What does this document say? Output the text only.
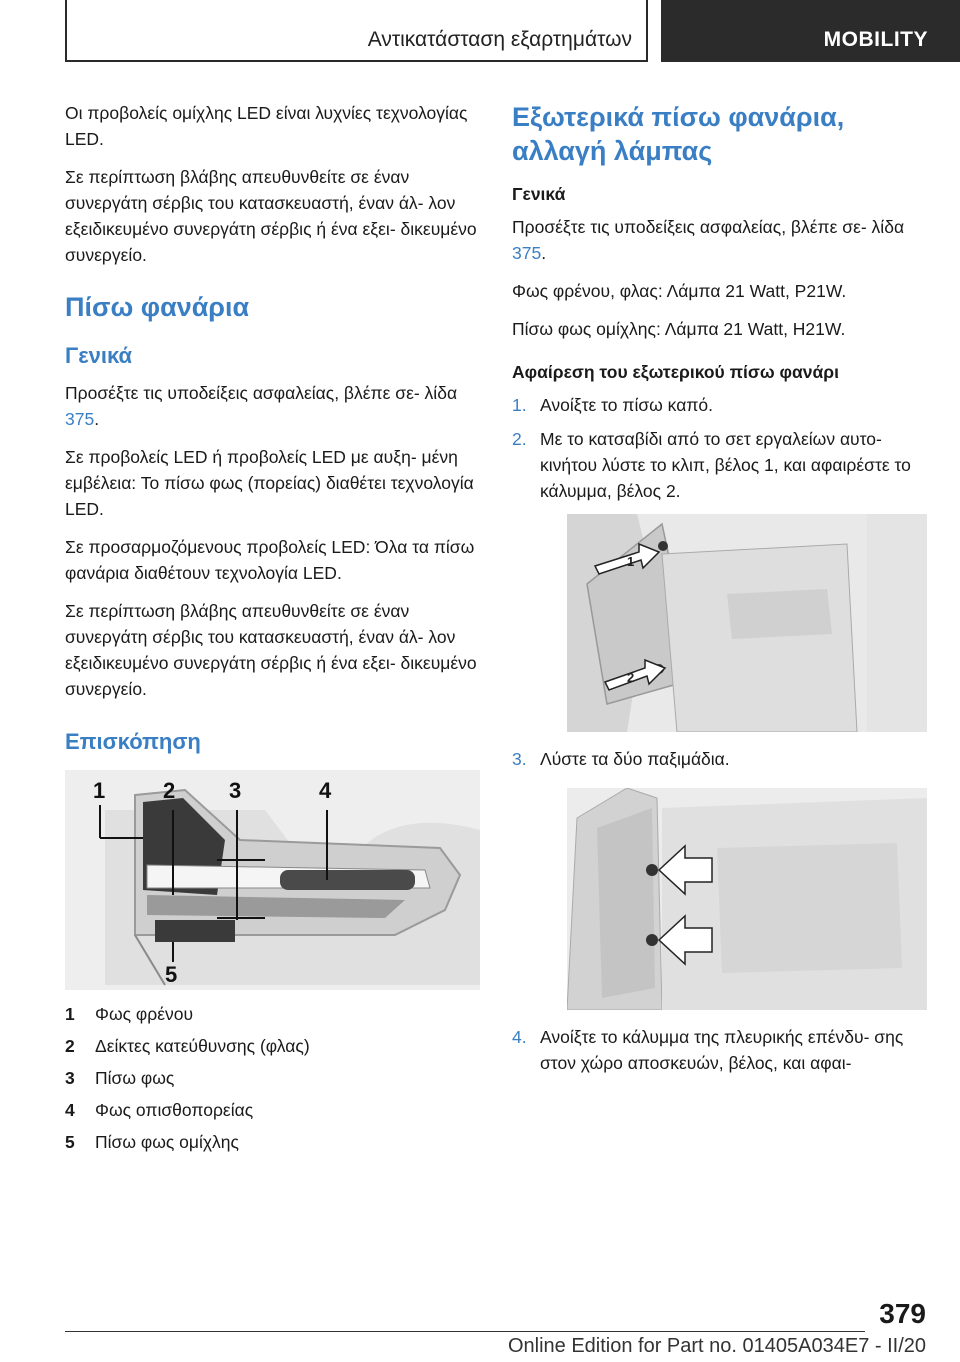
Αντικατάσταση εξαρτημάτων	MOBILITY

Οι προβολείς ομίχλης LED είναι λυχνίες τεχνολογίας LED.

Σε περίπτωση βλάβης απευθυνθείτε σε έναν συνεργάτη σέρβις του κατασκευαστή, έναν άλ- λον εξειδικευμένο συνεργάτη σέρβις ή ένα εξει- δικευμένο συνεργείο.

Πίσω φανάρια
Γενικά

Προσέξτε τις υποδείξεις ασφαλείας, βλέπε σε- λίδα 375.

Σε προβολείς LED ή προβολείς LED με αυξη- μένη εμβέλεια: Το πίσω φως (πορείας) διαθέτει τεχνολογία LED.

Σε προσαρμοζόμενους προβολείς LED: Όλα τα πίσω φανάρια διαθέτουν τεχνολογία LED.

Σε περίπτωση βλάβης απευθυνθείτε σε έναν συνεργάτη σέρβις του κατασκευαστή, έναν άλ- λον εξειδικευμένο συνεργάτη σέρβις ή ένα εξει- δικευμένο συνεργείο.

Επισκόπηση
1	2 3	4
5
1	Φως φρένου
2	Δείκτες κατεύθυνσης (φλας)
3	Πίσω φως
4	Φως οπισθοπορείας
5	Πίσω φως ομίχλης
Εξωτερικά πίσω φανάρια, αλλαγή λάμπας
Γενικά

Προσέξτε τις υποδείξεις ασφαλείας, βλέπε σε- λίδα 375.

Φως φρένου, φλας: Λάμπα 21 Watt, P21W.

Πίσω φως ομίχλης: Λάμπα 21 Watt, H21W.

Αφαίρεση του εξωτερικού πίσω φανάρι
1. Ανοίξτε το πίσω καπό.
2. Με το κατσαβίδι από το σετ εργαλείων αυτο- κινήτου λύστε το κλιπ, βέλος 1, και αφαιρέστε το κάλυμμα, βέλος 2.
1
2
3. Λύστε τα δύο παξιμάδια.
4. Ανοίξτε το κάλυμμα της πλευρικής επένδυ- σης στον χώρο αποσκευών, βέλος, και αφαι-
379
Online Edition for Part no. 01405A034E7 - II/20
